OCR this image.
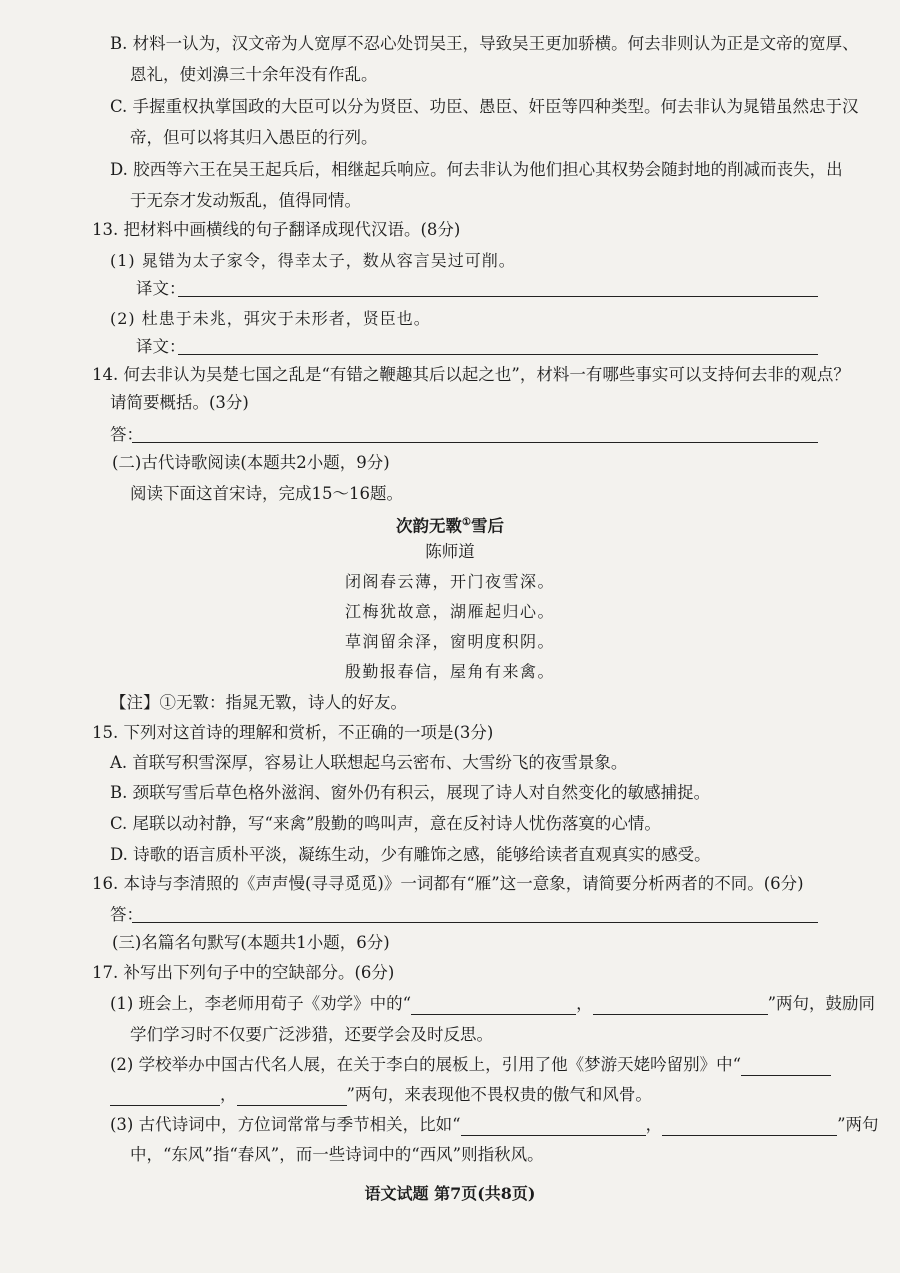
B. 材料一认为，汉文帝为人宽厚不忍心处罚吴王，导致吴王更加骄横。何去非则认为正是文帝的宽厚、
恩礼，使刘濞三十余年没有作乱。
C. 手握重权执掌国政的大臣可以分为贤臣、功臣、愚臣、奸臣等四种类型。何去非认为晁错虽然忠于汉
帝，但可以将其归入愚臣的行列。
D. 胶西等六王在吴王起兵后，相继起兵响应。何去非认为他们担心其权势会随封地的削减而丧失，出
于无奈才发动叛乱，值得同情。
13. 把材料中画横线的句子翻译成现代汉语。(8分)
(1) 晁错为太子家令，得幸太子，数从容言吴过可削。
译文：
(2) 杜患于未兆，弭灾于未形者，贤臣也。
译文：
14. 何去非认为吴楚七国之乱是“有错之鞭趣其后以起之也”，材料一有哪些事实可以支持何去非的观点？
请简要概括。(3分)
答：
(二)古代诗歌阅读(本题共2小题，9分)
阅读下面这首宋诗，完成15～16题。
次韵无斁①雪后
陈师道
闭阁春云薄，开门夜雪深。
江梅犹故意，湖雁起归心。
草润留余泽，窗明度积阴。
殷勤报春信，屋角有来禽。
【注】①无斁：指晁无斁，诗人的好友。
15. 下列对这首诗的理解和赏析，不正确的一项是(3分)
A. 首联写积雪深厚，容易让人联想起乌云密布、大雪纷飞的夜雪景象。
B. 颈联写雪后草色格外滋润、窗外仍有积云，展现了诗人对自然变化的敏感捕捉。
C. 尾联以动衬静，写“来禽”殷勤的鸣叫声，意在反衬诗人忧伤落寞的心情。
D. 诗歌的语言质朴平淡，凝练生动，少有雕饰之感，能够给读者直观真实的感受。
16. 本诗与李清照的《声声慢(寻寻觅觅)》一词都有“雁”这一意象，请简要分析两者的不同。(6分)
答：
(三)名篇名句默写(本题共1小题，6分)
17. 补写出下列句子中的空缺部分。(6分)
(1) 班会上，李老师用荀子《劝学》中的“	，	”两句，鼓励同
学们学习时不仅要广泛涉猎，还要学会及时反思。
(2) 学校举办中国古代名人展，在关于李白的展板上，引用了他《梦游天姥吟留别》中“
，	”两句，来表现他不畏权贵的傲气和风骨。
(3) 古代诗词中，方位词常常与季节相关，比如“	，	”两句
中，“东风”指“春风”，而一些诗词中的“西风”则指秋风。
语文试题 第7页(共8页)
